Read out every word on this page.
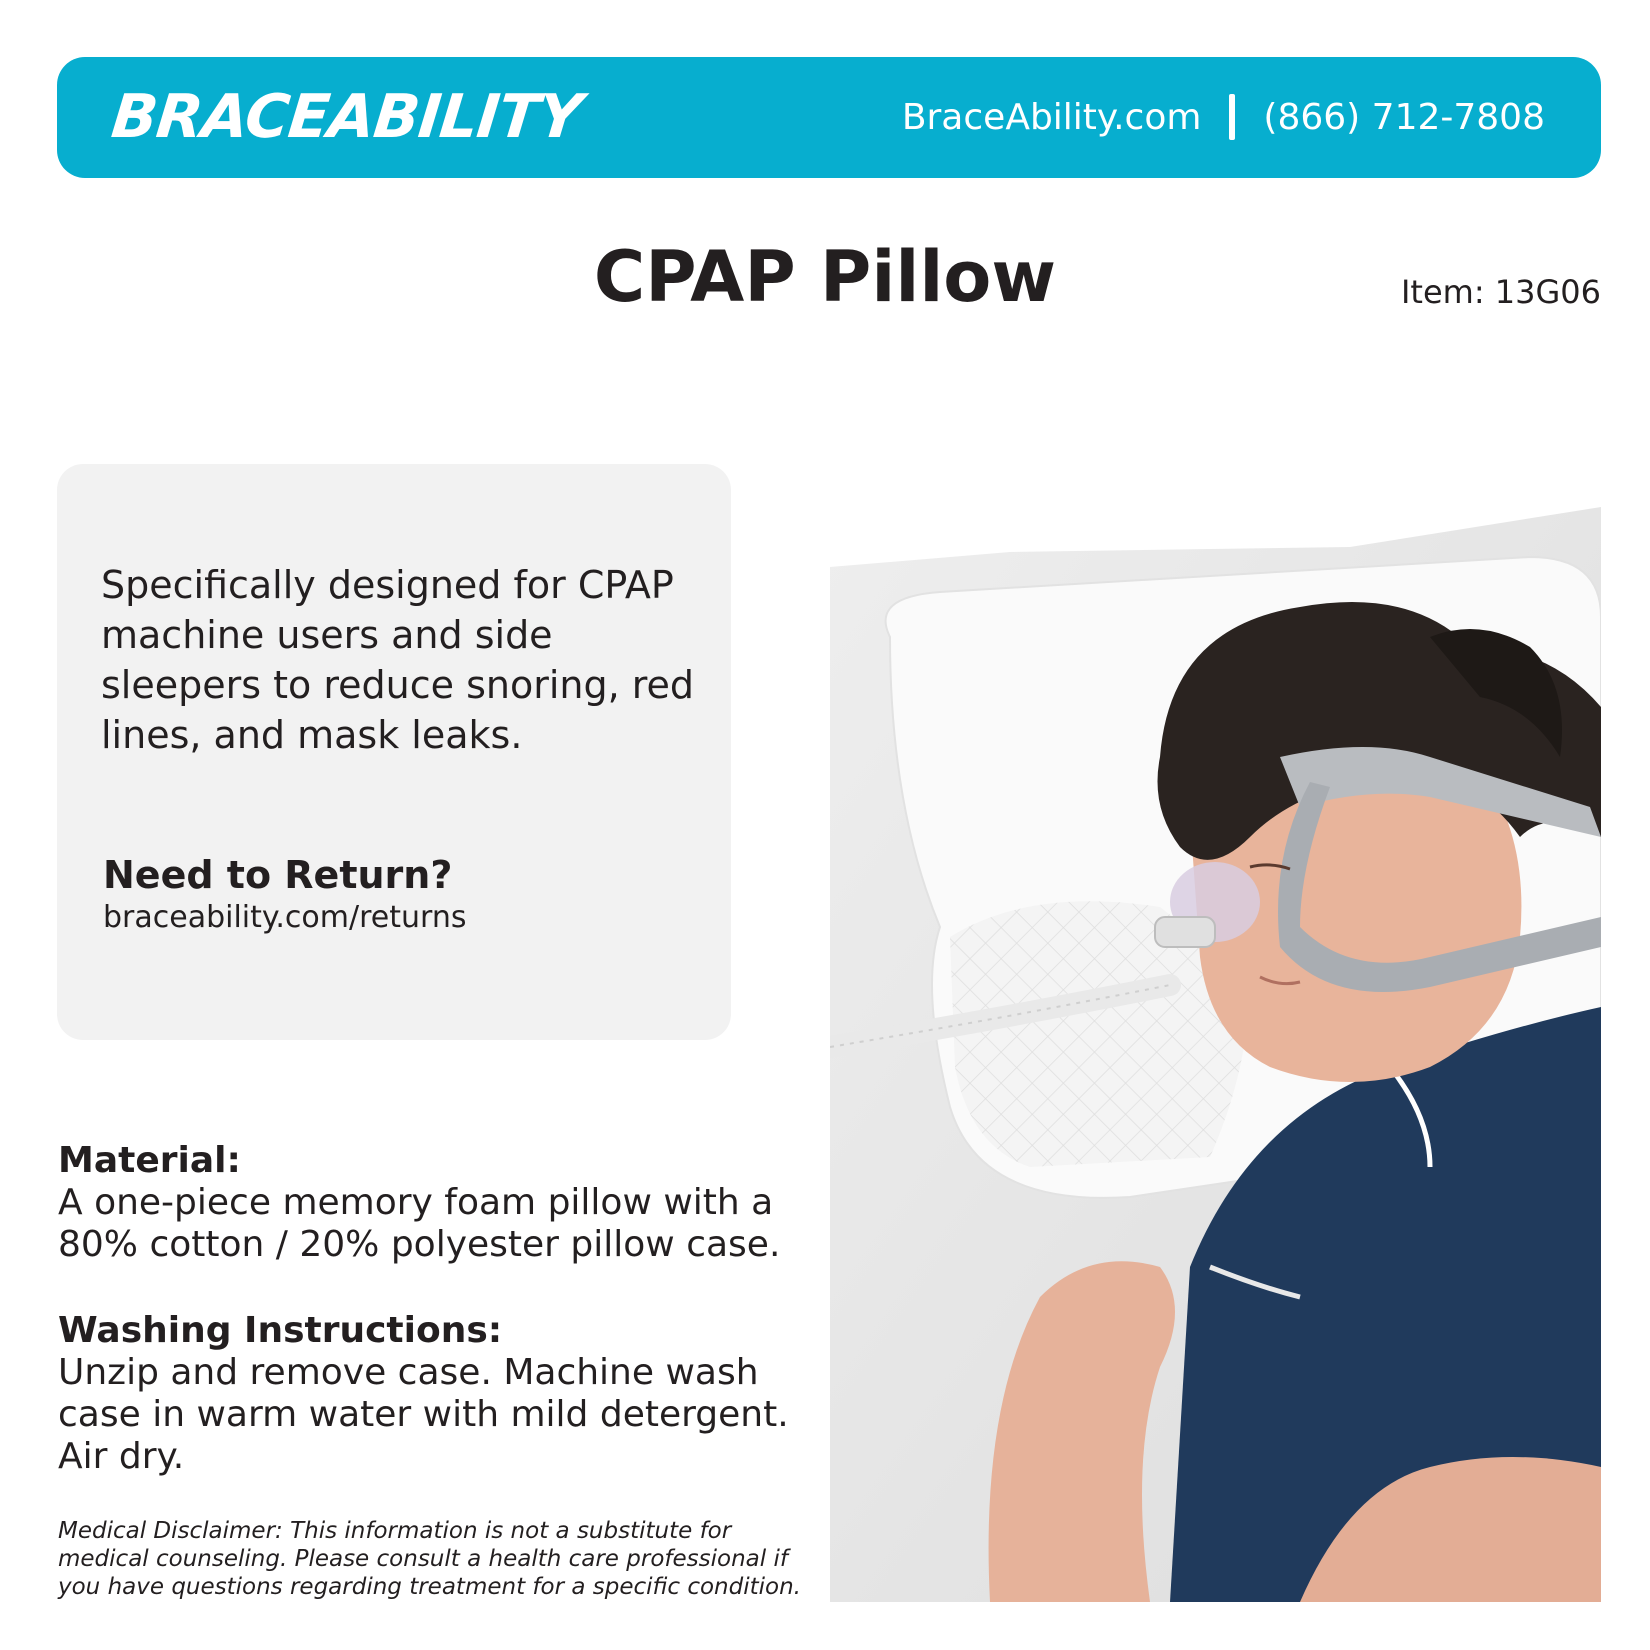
BRACEABILITY	BraceAbility.com (866) 712-7808
CPAP Pillow	Item: 13G06

Specifically designed for CPAP machine users and side sleepers to reduce snoring, red lines, and mask leaks.

Need to Return?

braceability.com/returns

Material:

A one-piece memory foam pillow with a 80% cotton / 20% polyester pillow case.

Washing Instructions:

Unzip and remove case. Machine wash case in warm water with mild detergent. Air dry.

Medical Disclaimer: This information is not a substitute for medical counseling. Please consult a health care professional if you have questions regarding treatment for a specific condition.
